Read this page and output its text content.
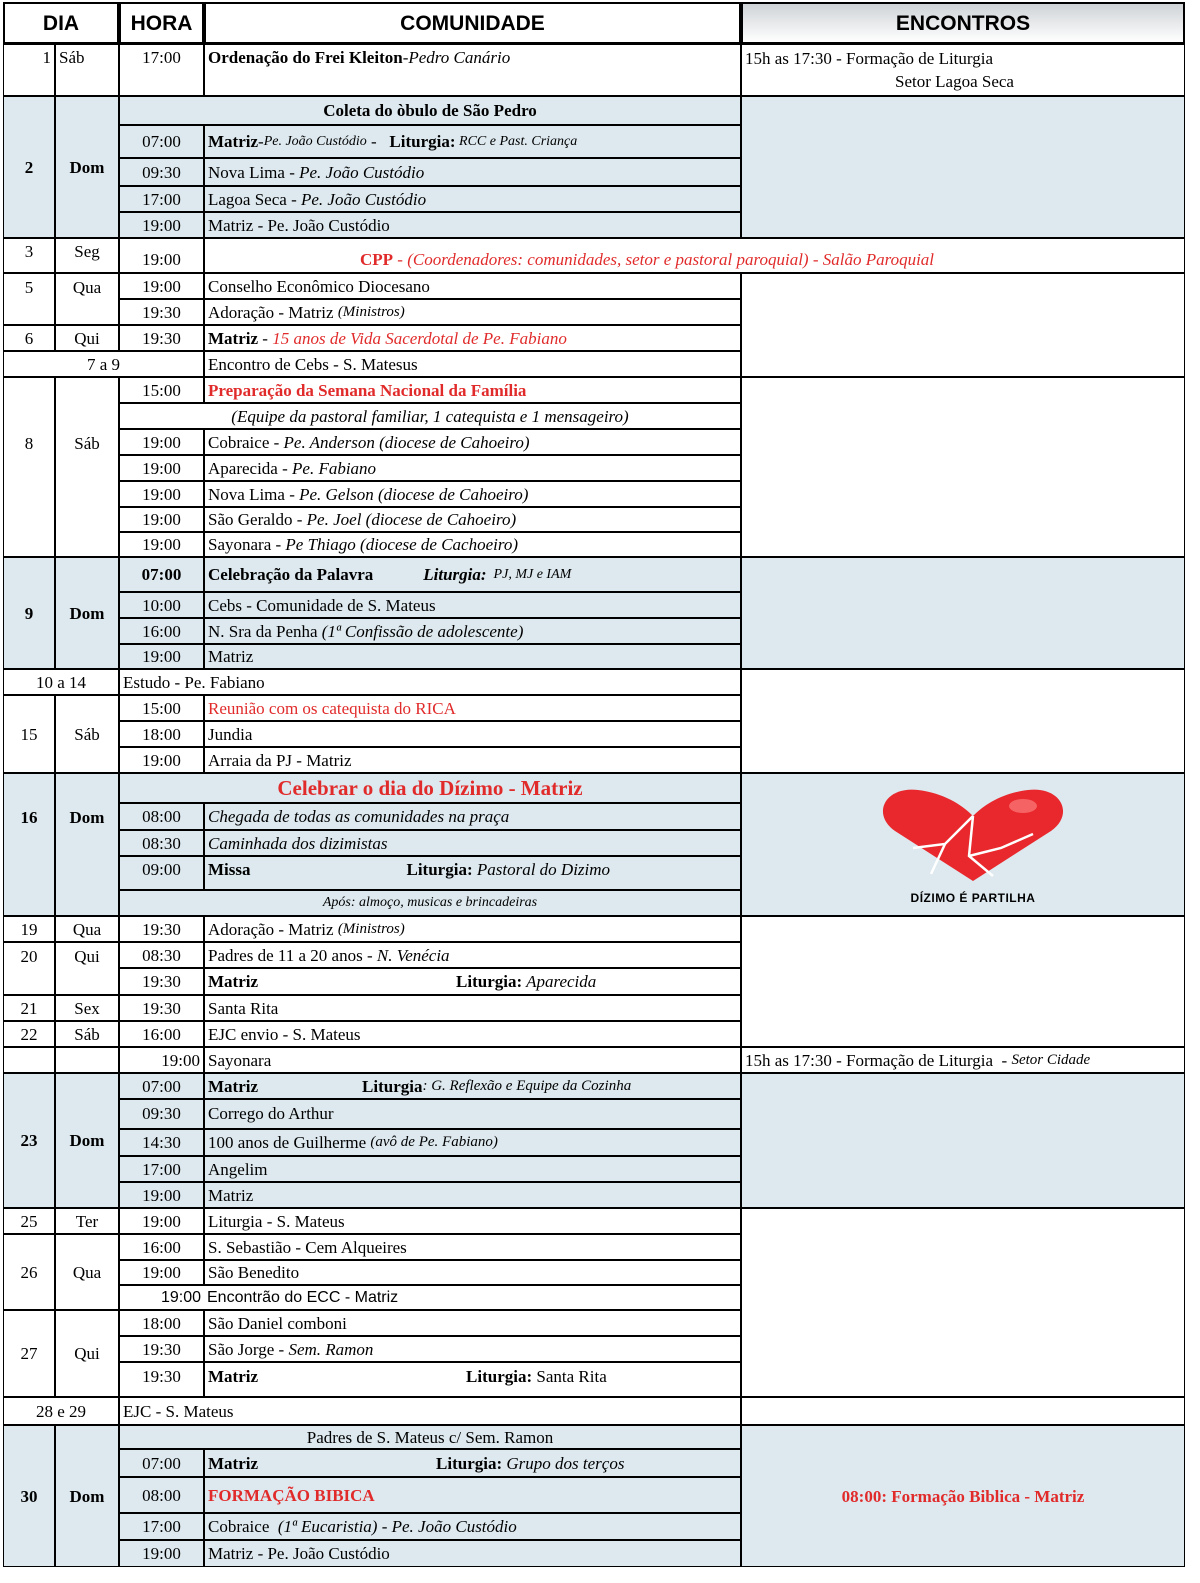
DIA	HORA	COMUNIDADE	ENCONTROS
1 Sáb	17:00	Ordenação do Frei Kleiton - Pedro Canário	15h as 17:30 - Formação de Liturgia
Setor Lagoa Seca
2	Dom
Coleta do òbulo de São Pedro
07:00	Matriz - Pe. João Custódio - Liturgia: RCC e Past. Criança
09:30	Nova Lima - Pe. João Custódio
17:00	Lagoa Seca - Pe. João Custódio
19:00	Matriz - Pe. João Custódio
3	Seg	19:00	CPP - (Coordenadores: comunidades, setor e pastoral paroquial) - Salão Paroquial
5	Qua	19:00	Conselho Econômico Diocesano
19:30	Adoração - Matriz (Ministros)
6	Qui	19:30	Matriz - 15 anos de Vida Sacerdotal de Pe. Fabiano
7 a 9	Encontro de Cebs - S. Matesus
8	Sáb
15:00	Preparação da Semana Nacional da Família
(Equipe da pastoral familiar, 1 catequista e 1 mensageiro)
19:00	Cobraice - Pe. Anderson (diocese de Cahoeiro)
19:00	Aparecida - Pe. Fabiano
19:00	Nova Lima - Pe. Gelson (diocese de Cahoeiro)
19:00	São Geraldo - Pe. Joel (diocese de Cahoeiro)
19:00	Sayonara - Pe Thiago (diocese de Cachoeiro)
9	Dom
07:00	Celebração da Palavra	Liturgia: PJ, MJ e IAM
10:00	Cebs - Comunidade de S. Mateus
16:00	N. Sra da Penha (1ª Confissão de adolescente)
19:00	Matriz
10 a 14	Estudo - Pe. Fabiano
15	Sáb
15:00	Reunião com os catequista do RICA
18:00	Jundia
19:00	Arraia da PJ - Matriz
16	Dom
Celebrar o dia do Dízimo - Matriz
08:00	Chegada de todas as comunidades na praça
08:30	Caminhada dos dizimistas
09:00	Missa	Liturgia: Pastoral do Dizimo
Após: almoço, musicas e brincadeiras	DÍZIMO É PARTILHA
19	Qua	19:30	Adoração - Matriz (Ministros)
20	Qui	08:30	Padres de 11 a 20 anos - N. Venécia
19:30	Matriz	Liturgia: Aparecida
21	Sex	19:30	Santa Rita
22	Sáb	16:00	EJC envio - S. Mateus
19:00 Sayonara	15h as 17:30 - Formação de Liturgia  - Setor Cidade
23	Dom
07:00	Matriz	Liturgia : G. Reflexão e Equipe da Cozinha
09:30	Corrego do Arthur
14:30	100 anos de Guilherme (avô de Pe. Fabiano)
17:00	Angelim
19:00	Matriz
25	Ter	19:00	Liturgia - S. Mateus
26	Qua
16:00	S. Sebastião - Cem Alqueires
19:00	São Benedito
19:00 Encontrão do ECC - Matriz
27	Qui
18:00	São Daniel comboni
19:30	São Jorge - Sem. Ramon
19:30	Matriz	Liturgia: Santa Rita
28 e 29	EJC - S. Mateus
30	Dom
Padres de S. Mateus c/ Sem. Ramon
07:00	Matriz	Liturgia: Grupo dos terços
08:00	FORMAÇÃO BIBICA
17:00	Cobraice (1ª Eucaristia) - Pe. João Custódio
19:00	Matriz - Pe. João Custódio
08:00: Formação Biblica - Matriz
